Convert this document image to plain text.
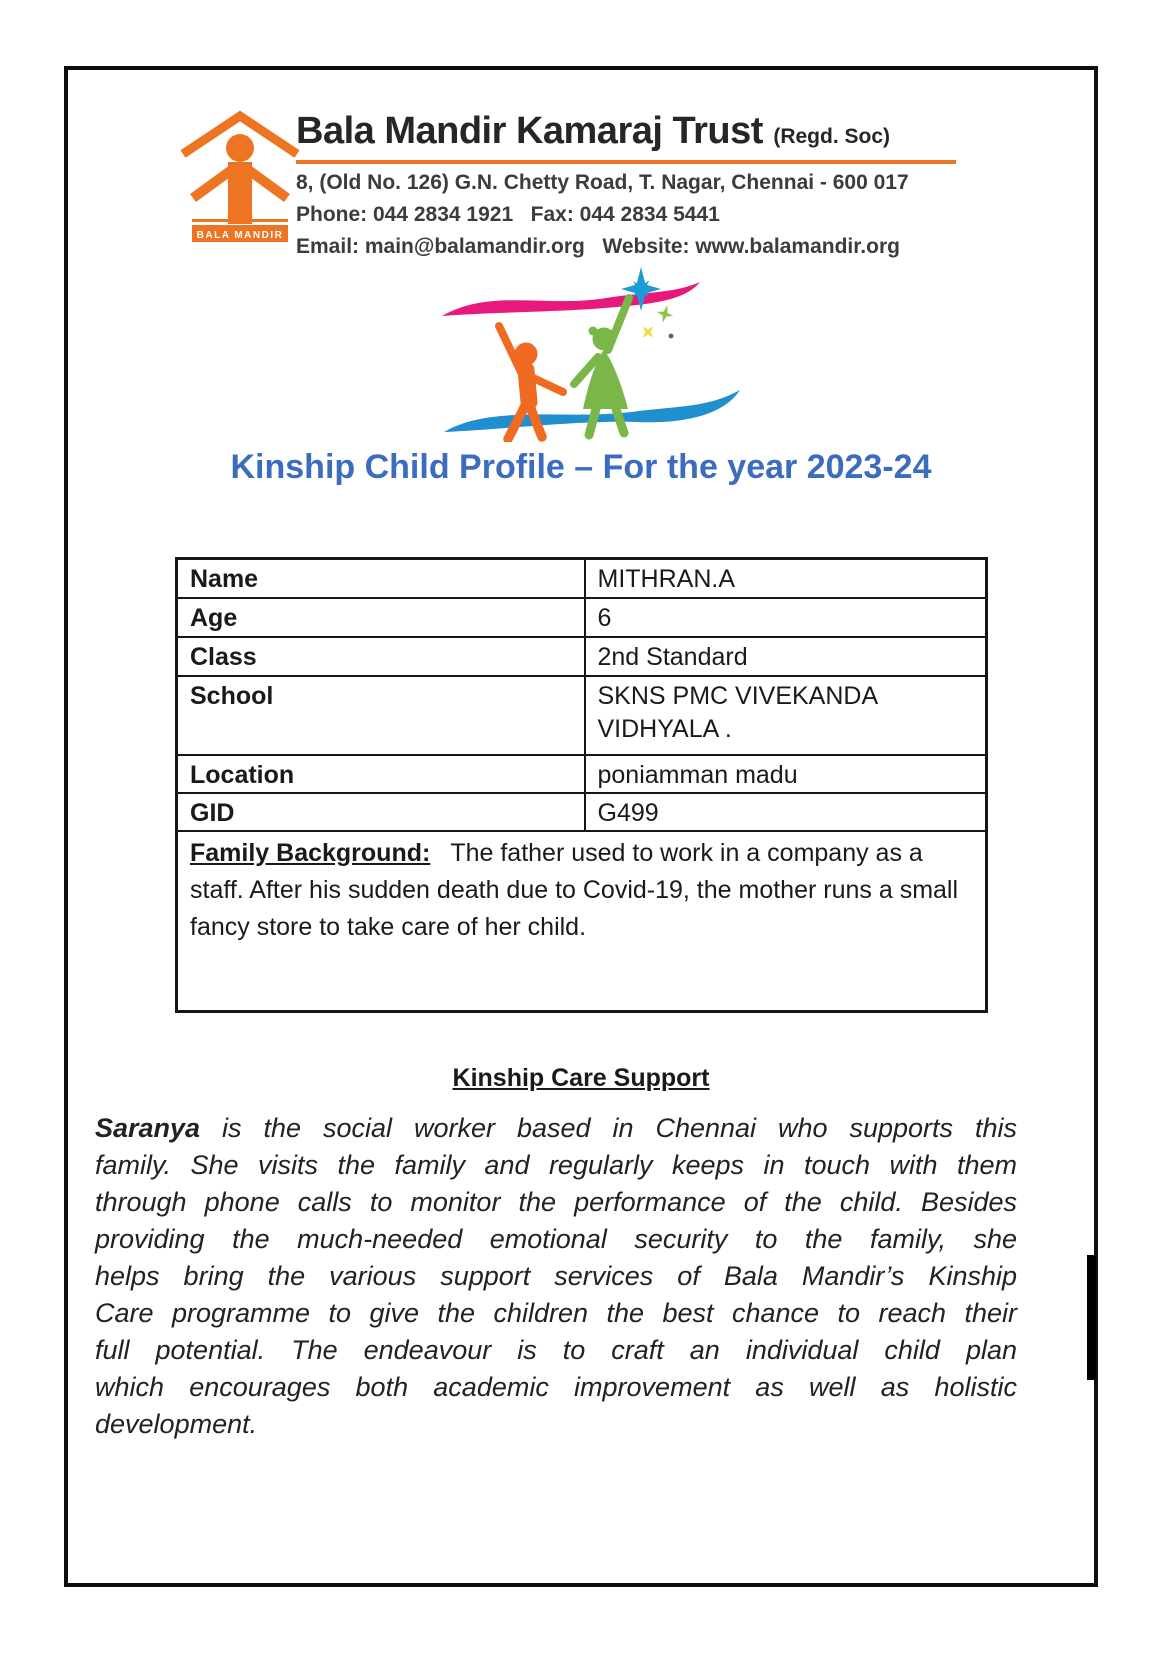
BALA MANDIR
Bala Mandir Kamaraj Trust (Regd. Soc)
8, (Old No. 126) G.N. Chetty Road, T. Nagar, Chennai - 600 017
Phone: 044 2834 1921   Fax: 044 2834 5441
Email: main@balamandir.org   Website: www.balamandir.org
Kinship Child Profile – For the year 2023-24
Name	MITHRAN.A
Age	6
Class	2nd Standard
School	SKNS PMC VIVEKANDA VIDHYALA .
Location	poniamman madu
GID	G499
Family Background: The father used to work in a company as a staff. After his sudden death due to Covid-19, the mother runs a small fancy store to take care of her child.	
Kinship Care Support

Saranya is the social worker based in Chennai who supports this family. She visits the family and regularly keeps in touch with them through phone calls to monitor the performance of the child. Besides providing the much-needed emotional security to the family, she helps bring the various support services of Bala Mandir’s Kinship Care programme to give the children the best chance to reach their full potential. The endeavour is to craft an individual child plan which encourages both academic improvement as well as holistic development.
